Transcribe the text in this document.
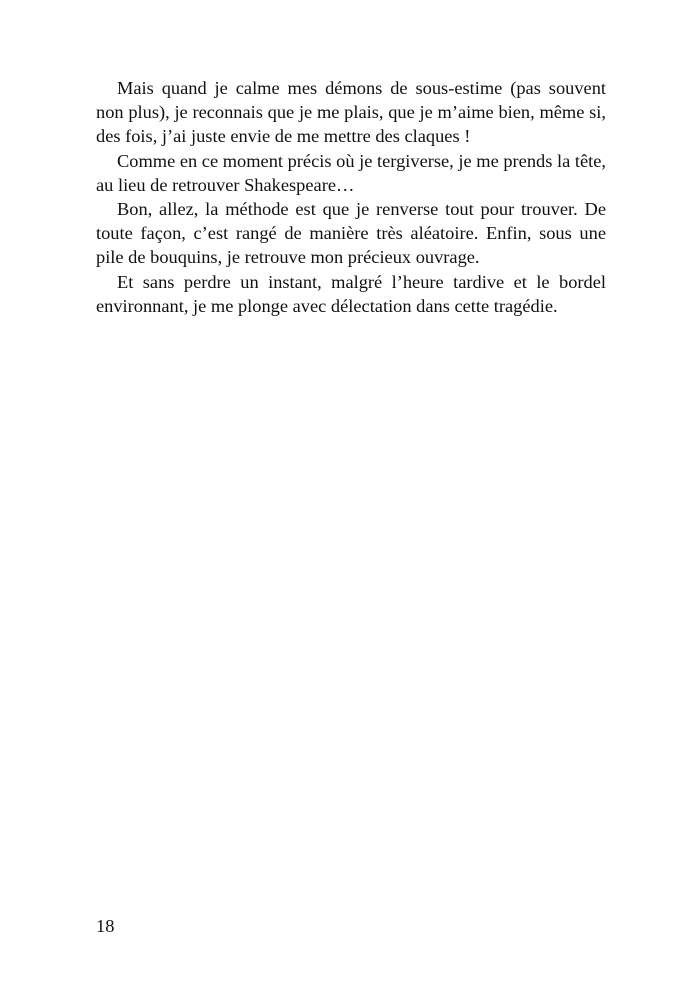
Mais quand je calme mes démons de sous-estime (pas souvent non plus), je reconnais que je me plais, que je m’aime bien, même si, des fois, j’ai juste envie de me mettre des claques !

Comme en ce moment précis où je tergiverse, je me prends la tête, au lieu de retrouver Shakespeare…

Bon, allez, la méthode est que je renverse tout pour trouver. De toute façon, c’est rangé de manière très aléatoire. Enfin, sous une pile de bouquins, je retrouve mon précieux ouvrage.

Et sans perdre un instant, malgré l’heure tardive et le bordel environnant, je me plonge avec délectation dans cette tragédie.

18
